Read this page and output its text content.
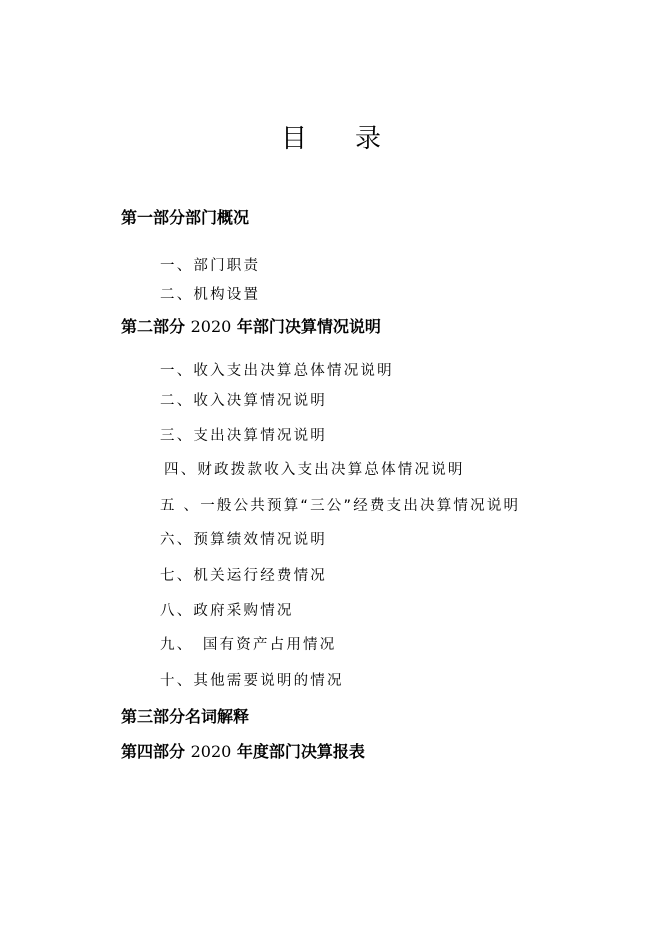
目 录
第一部分部门概况
一、部门职责
二、机构设置
第二部分 2020 年部门决算情况说明
一、收入支出决算总体情况说明
二、收入决算情况说明
三、支出决算情况说明
四、财政拨款收入支出决算总体情况说明
五 、一般公共预算“三公”经费支出决算情况说明
六、预算绩效情况说明
七、机关运行经费情况
八、政府采购情况
九、　国有资产占用情况
十、其他需要说明的情况
第三部分名词解释
第四部分 2020 年度部门决算报表
